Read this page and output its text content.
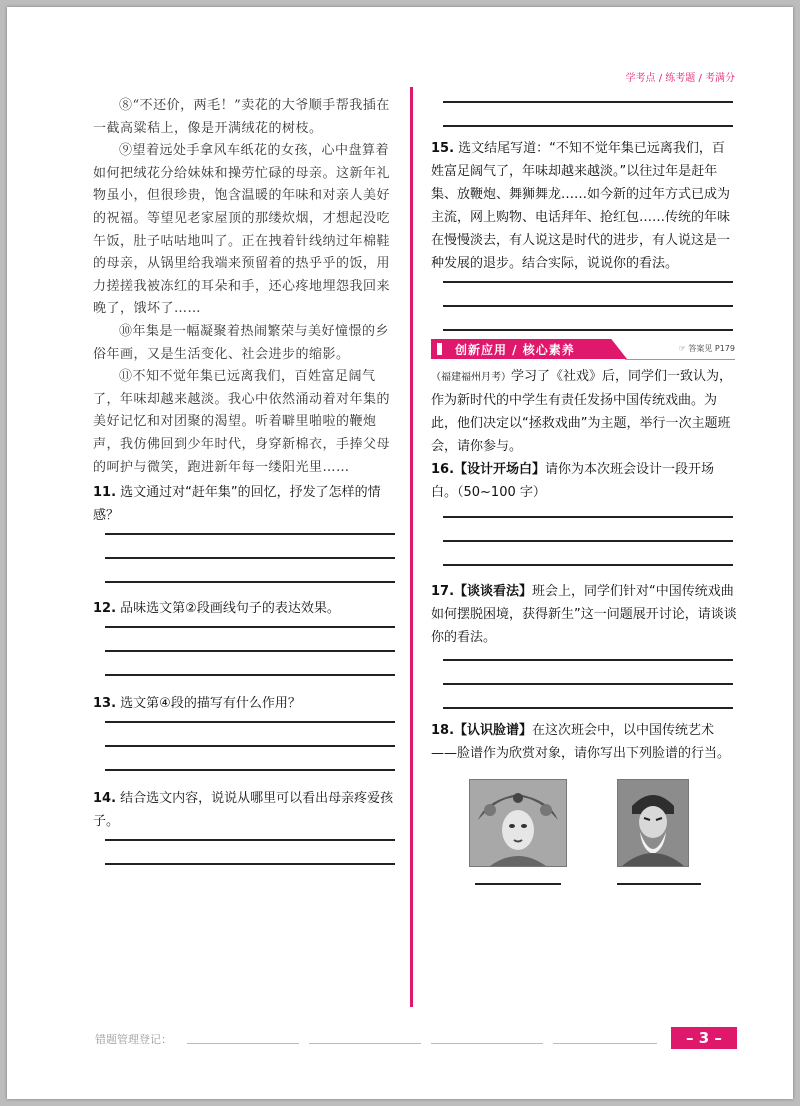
学考点 / 练考题 / 考满分

⑧“不还价，两毛！”卖花的大爷顺手帮我插在一截高粱秸上，像是开满绒花的树枝。

⑨望着远处手拿风车纸花的女孩，心中盘算着如何把绒花分给妹妹和操劳忙碌的母亲。这新年礼物虽小，但很珍贵，饱含温暖的年味和对亲人美好的祝福。等望见老家屋顶的那缕炊烟，才想起没吃午饭，肚子咕咕地叫了。正在拽着针线纳过年棉鞋的母亲，从锅里给我端来预留着的热乎乎的饭，用力搓搓我被冻红的耳朵和手，还心疼地埋怨我回来晚了，饿坏了……

⑩年集是一幅凝聚着热闹繁荣与美好憧憬的乡俗年画，又是生活变化、社会进步的缩影。

⑪不知不觉年集已远离我们，百姓富足阔气了，年味却越来越淡。我心中依然涌动着对年集的美好记忆和对团聚的渴望。听着噼里啪啦的鞭炮声，我仿佛回到少年时代，身穿新棉衣，手捧父母的呵护与微笑，跑进新年每一缕阳光里……

11. 选文通过对“赶年集”的回忆，抒发了怎样的情感？

12. 品味选文第②段画线句子的表达效果。

13. 选文第④段的描写有什么作用？

14. 结合选文内容，说说从哪里可以看出母亲疼爱孩子。

15. 选文结尾写道：“不知不觉年集已远离我们，百姓富足阔气了，年味却越来越淡。”以往过年是赶年集、放鞭炮、舞狮舞龙……如今新的过年方式已成为主流，网上购物、电话拜年、抢红包……传统的年味在慢慢淡去，有人说这是时代的进步，有人说这是一种发展的退步。结合实际，说说你的看法。

创新应用 / 核心素养	☞ 答案见 P179

（福建福州月考）学习了《社戏》后，同学们一致认为，作为新时代的中学生有责任发扬中国传统戏曲。为此，他们决定以“拯救戏曲”为主题，举行一次主题班会，请你参与。

16.【设计开场白】请你为本次班会设计一段开场白。（50~100 字）

17.【谈谈看法】班会上，同学们针对“中国传统戏曲如何摆脱困境，获得新生”这一问题展开讨论，请谈谈你的看法。

18.【认识脸谱】在这次班会中，以中国传统艺术——脸谱作为欣赏对象，请你写出下列脸谱的行当。

错题管理登记：	– 3 –
